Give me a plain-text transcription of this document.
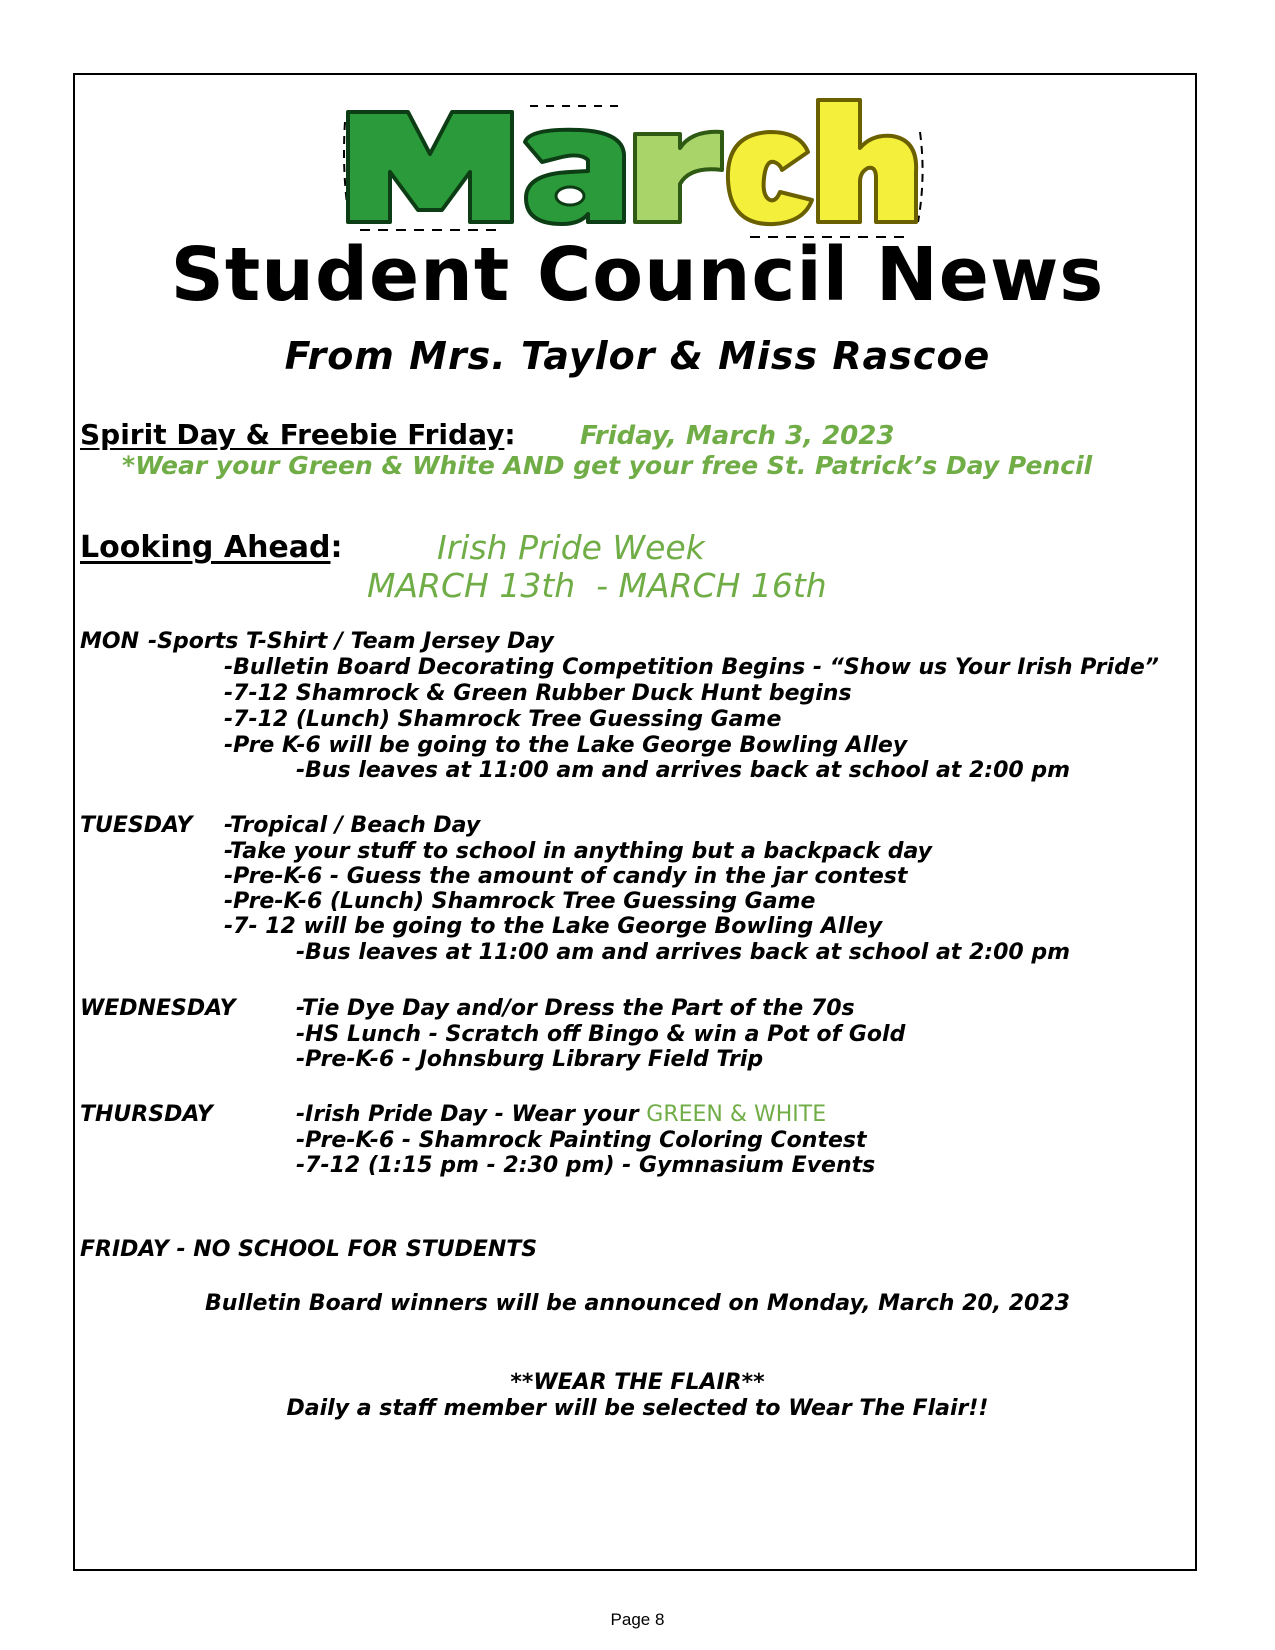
Student Council News
From Mrs. Taylor & Miss Rascoe
Spirit Day & Freebie Friday: Friday, March 3, 2023
*Wear your Green & White AND get your free St. Patrick’s Day Pencil
Looking Ahead:	Irish Pride Week
MARCH 13th  - MARCH 16th
MON -Sports T-Shirt / Team Jersey Day
-Bulletin Board Decorating Competition Begins - “Show us Your Irish Pride”
-7-12 Shamrock & Green Rubber Duck Hunt begins
-7-12 (Lunch) Shamrock Tree Guessing Game
-Pre K-6 will be going to the Lake George Bowling Alley
-Bus leaves at 11:00 am and arrives back at school at 2:00 pm
TUESDAY -Tropical / Beach Day
-Take your stuff to school in anything but a backpack day
-Pre-K-6 - Guess the amount of candy in the jar contest
-Pre-K-6 (Lunch) Shamrock Tree Guessing Game
-7- 12 will be going to the Lake George Bowling Alley
-Bus leaves at 11:00 am and arrives back at school at 2:00 pm
WEDNESDAY	-Tie Dye Day and/or Dress the Part of the 70s
-HS Lunch - Scratch off Bingo & win a Pot of Gold
-Pre-K-6 - Johnsburg Library Field Trip
THURSDAY	-Irish Pride Day - Wear your GREEN & WHITE
-Pre-K-6 - Shamrock Painting Coloring Contest
-7-12 (1:15 pm - 2:30 pm) - Gymnasium Events
FRIDAY - NO SCHOOL FOR STUDENTS
Bulletin Board winners will be announced on Monday, March 20, 2023
**WEAR THE FLAIR**
Daily a staff member will be selected to Wear The Flair!!
Page 8
